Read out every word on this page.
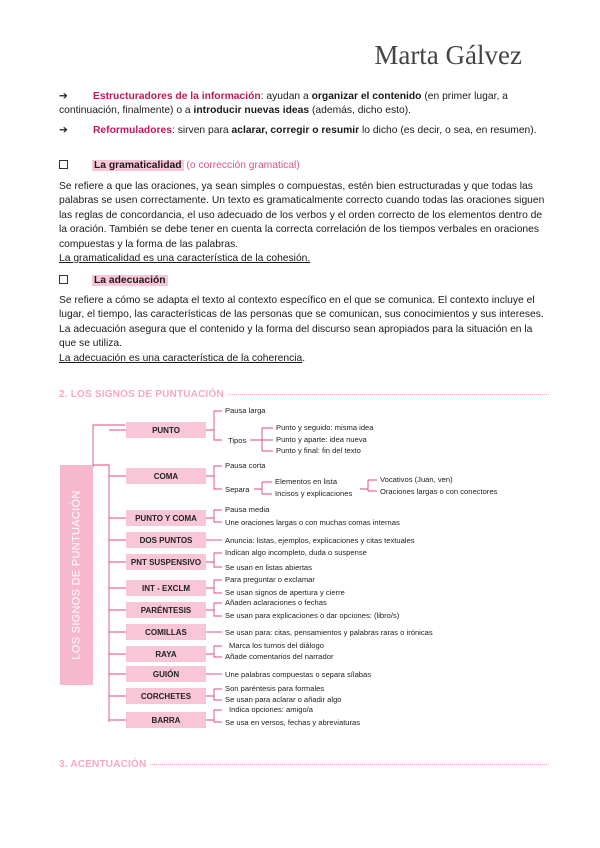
Marta Gálvez

➔ Estructuradores de la información: ayudan a organizar el contenido (en primer lugar, a continuación, finalmente) o a introducir nuevas ideas (además, dicho esto).

➔ Reformuladores: sirven para aclarar, corregir o resumir lo dicho (es decir, o sea, en resumen).

La gramaticalidad (o corrección gramatical)

Se refiere a que las oraciones, ya sean simples o compuestas, estén bien estructuradas y que todas las palabras se usen correctamente. Un texto es gramaticalmente correcto cuando todas las oraciones siguen las reglas de concordancia, el uso adecuado de los verbos y el orden correcto de los elementos dentro de la oración. También se debe tener en cuenta la correcta correlación de los tiempos verbales en oraciones compuestas y la forma de las palabras.
La gramaticalidad es una característica de la cohesión.

La adecuación

Se refiere a cómo se adapta el texto al contexto específico en el que se comunica. El contexto incluye el lugar, el tiempo, las características de las personas que se comunican, sus conocimientos y sus intereses. La adecuación asegura que el contenido y la forma del discurso sean apropiados para la situación en la que se utiliza.
La adecuación es una característica de la coherencia.

2. LOS SIGNOS DE PUNTUACIÓN
LOS SIGNOS DE PUNTUACIÓN
PUNTO
Pausa larga
Tipos
Punto y seguido: misma idea
Punto y aparte: idea nueva
Punto y final: fin del texto
COMA
Pausa corta
Separa
Elementos en lista
Incisos y explicaciones
Vocativos (Juan, ven)
Oraciones largas o con conectores
PUNTO Y COMA
Pausa media
Une oraciones largas o con muchas comas internas
DOS PUNTOS	Anuncia: listas, ejemplos, explicaciones y citas textuales
PNT SUSPENSIVO
Indican algo incompleto, duda o suspense
Se usan en listas abiertas
INT - EXCLM
Para preguntar o exclamar
Se usan signos de apertura y cierre
PARÉNTESIS
Añaden aclaraciones o fechas
Se usan para explicaciones o dar opciones: (libro/s)
COMILLAS	Se usan para: citas, pensamientos y palabras raras o irónicas
RAYA
Marca los turnos del diálogo
Añade comentarios del narrador
GUIÓN	Une palabras compuestas o separa sílabas
CORCHETES
Son paréntesis para formales
Se usan para aclarar o añadir algo
BARRA
Indica opciones: amigo/a
Se usa en versos, fechas y abreviaturas
3. ACENTUACIÓN
